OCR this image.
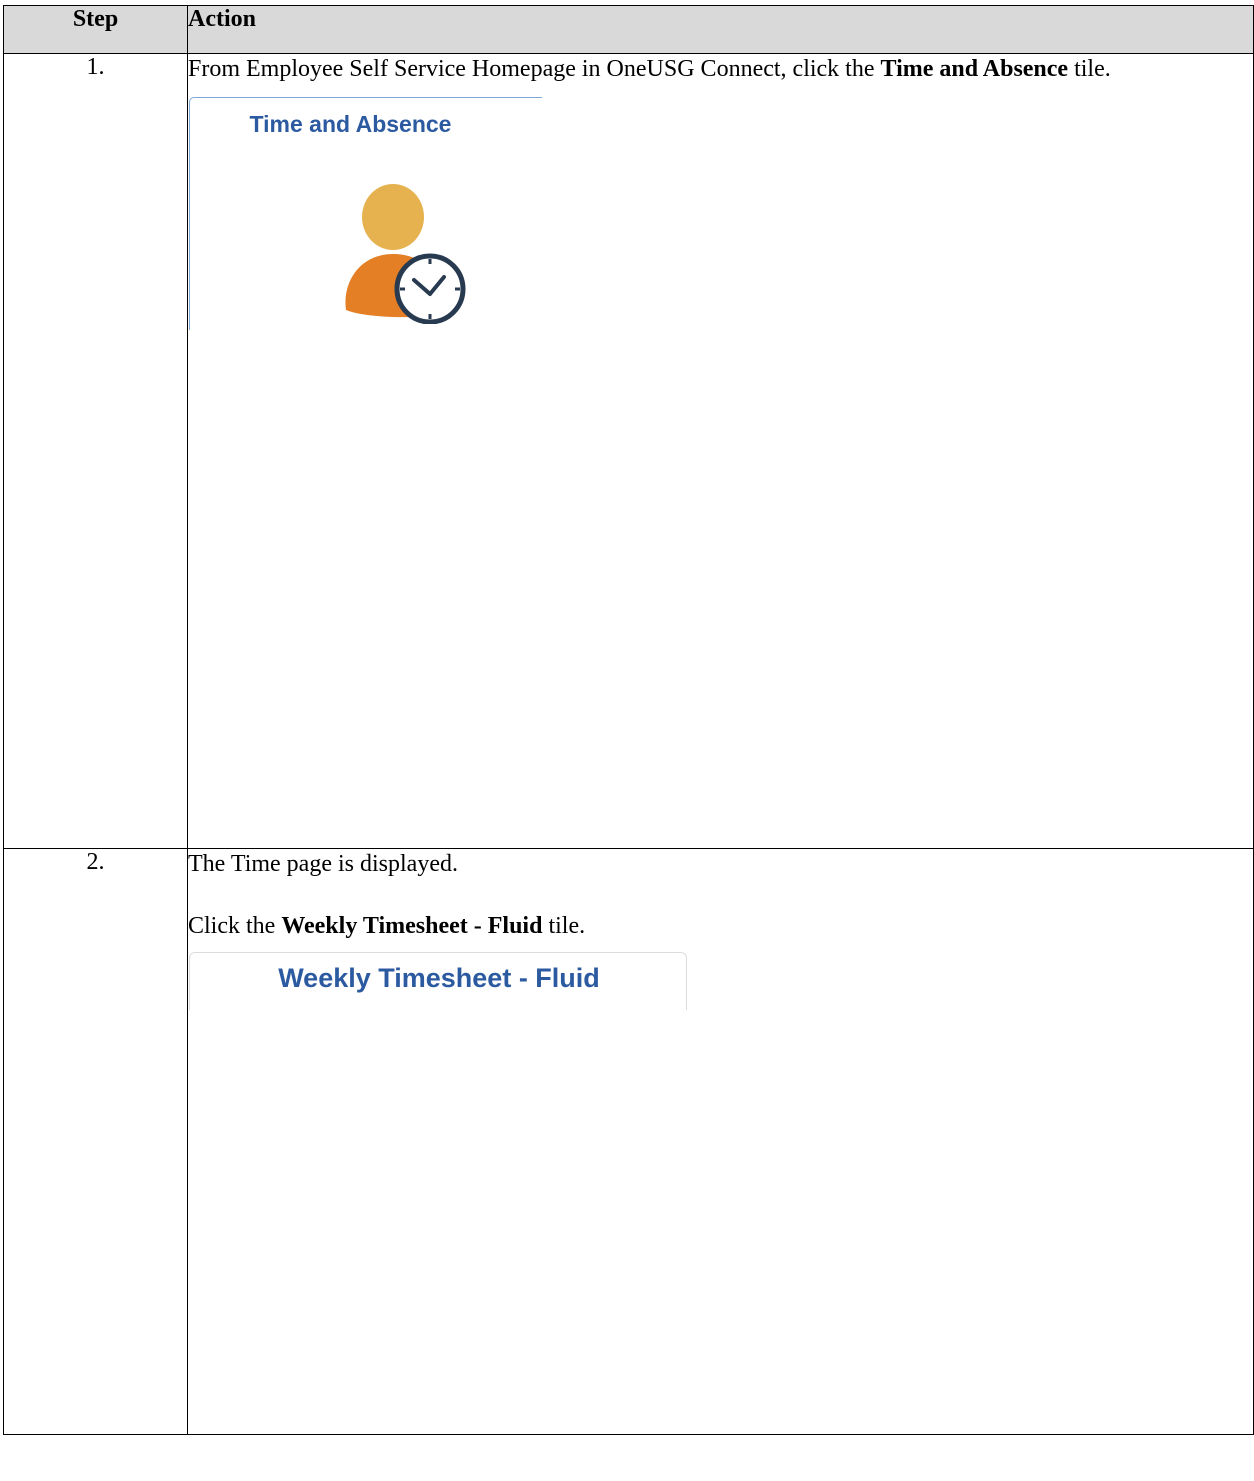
Step	Action
1.	From Employee Self Service Homepage in OneUSG Connect, click the Time and Absence tile.

Time and Absence

2.	The Time page is displayed.

Click the Weekly Timesheet - Fluid tile.

Weekly Timesheet - Fluid
